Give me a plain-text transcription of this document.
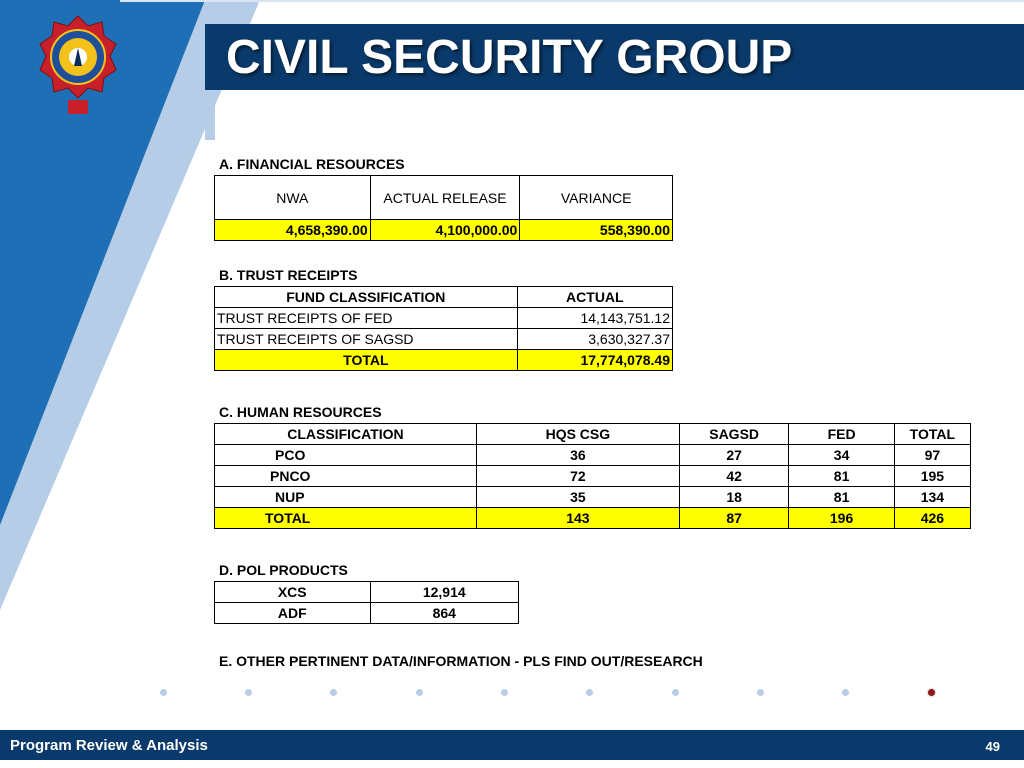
CIVIL SECURITY GROUP
A. FINANCIAL RESOURCES
NWA	ACTUAL RELEASE	VARIANCE
4,658,390.00	4,100,000.00	558,390.00
B. TRUST RECEIPTS
FUND CLASSIFICATION	ACTUAL
TRUST RECEIPTS OF FED	14,143,751.12
TRUST RECEIPTS OF SAGSD	3,630,327.37
TOTAL	17,774,078.49
C. HUMAN RESOURCES
CLASSIFICATION	HQS CSG	SAGSD	FED	TOTAL
PCO	36	27	34	97
PNCO	72	42	81	195
NUP	35	18	81	134
TOTAL	143	87	196	426
D. POL PRODUCTS
XCS	12,914
ADF	864
E. OTHER PERTINENT DATA/INFORMATION - PLS FIND OUT/RESEARCH
Program Review & Analysis	49
